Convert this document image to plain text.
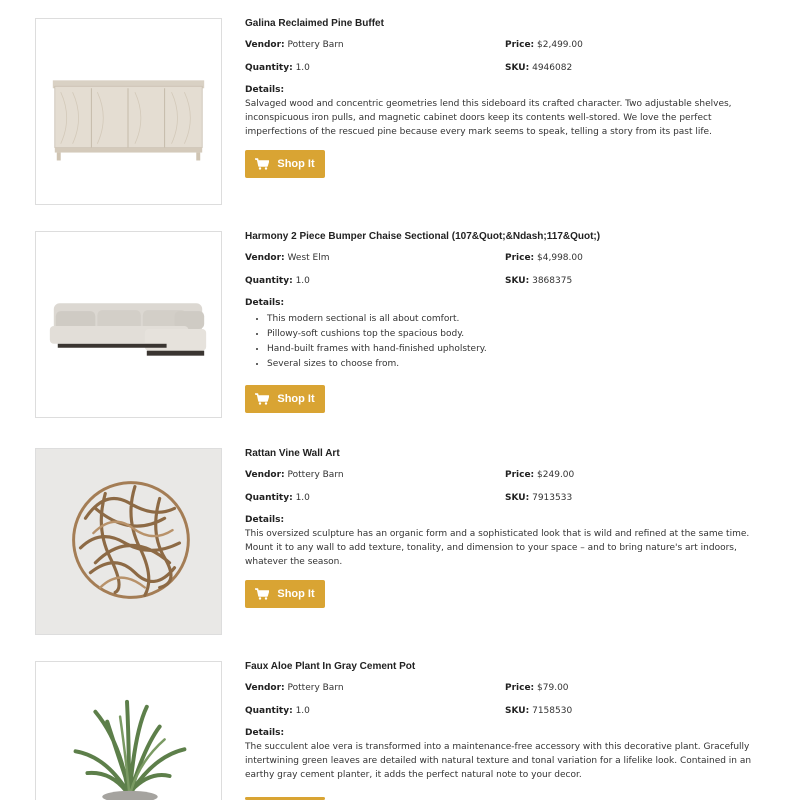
Galina Reclaimed Pine Buffet
Vendor: Pottery Barn	Price: $2,499.00
Quantity: 1.0	SKU: 4946082
Details:
Salvaged wood and concentric geometries lend this sideboard its crafted character. Two adjustable shelves, inconspicuous iron pulls, and magnetic cabinet doors keep its contents well-stored. We love the perfect imperfections of the rescued pine because every mark seems to speak, telling a story from its past life.
Shop It
Harmony 2 Piece Bumper Chaise Sectional (107&Quot;&Ndash;117&Quot;)
Vendor: West Elm	Price: $4,998.00
Quantity: 1.0	SKU: 3868375
Details:
• This modern sectional is all about comfort.
• Pillowy-soft cushions top the spacious body.
• Hand-built frames with hand-finished upholstery.
• Several sizes to choose from.
Shop It
Rattan Vine Wall Art
Vendor: Pottery Barn	Price: $249.00
Quantity: 1.0	SKU: 7913533
Details:
This oversized sculpture has an organic form and a sophisticated look that is wild and refined at the same time. Mount it to any wall to add texture, tonality, and dimension to your space – and to bring nature's art indoors, whatever the season.
Shop It
Faux Aloe Plant In Gray Cement Pot
Vendor: Pottery Barn	Price: $79.00
Quantity: 1.0	SKU: 7158530
Details:
The succulent aloe vera is transformed into a maintenance-free accessory with this decorative plant. Gracefully intertwining green leaves are detailed with natural texture and tonal variation for a lifelike look. Contained in an earthy gray cement planter, it adds the perfect natural note to your decor.
